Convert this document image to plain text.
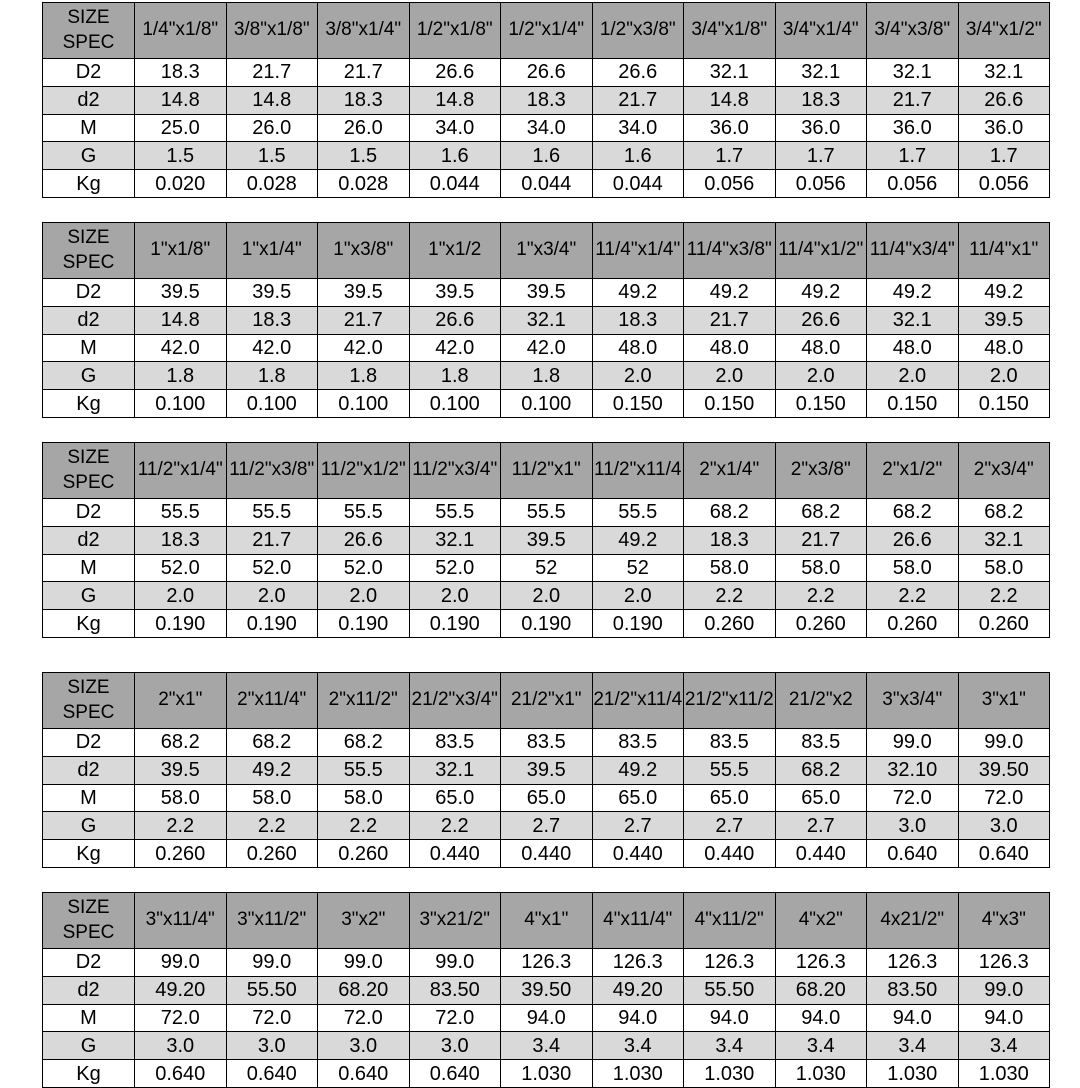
SIZE
SPEC	1/4"x1/8"	3/8"x1/8"	3/8"x1/4"	1/2"x1/8"	1/2"x1/4"	1/2"x3/8"	3/4"x1/8"	3/4"x1/4"	3/4"x3/8"	3/4"x1/2"
D2	18.3	21.7	21.7	26.6	26.6	26.6	32.1	32.1	32.1	32.1
d2	14.8	14.8	18.3	14.8	18.3	21.7	14.8	18.3	21.7	26.6
M	25.0	26.0	26.0	34.0	34.0	34.0	36.0	36.0	36.0	36.0
G	1.5	1.5	1.5	1.6	1.6	1.6	1.7	1.7	1.7	1.7
Kg	0.020	0.028	0.028	0.044	0.044	0.044	0.056	0.056	0.056	0.056
SIZE
SPEC	1"x1/8"	1"x1/4"	1"x3/8"	1"x1/2	1"x3/4"	11/4"x1/4"	11/4"x3/8"	11/4"x1/2"	11/4"x3/4"	11/4"x1"
D2	39.5	39.5	39.5	39.5	39.5	49.2	49.2	49.2	49.2	49.2
d2	14.8	18.3	21.7	26.6	32.1	18.3	21.7	26.6	32.1	39.5
M	42.0	42.0	42.0	42.0	42.0	48.0	48.0	48.0	48.0	48.0
G	1.8	1.8	1.8	1.8	1.8	2.0	2.0	2.0	2.0	2.0
Kg	0.100	0.100	0.100	0.100	0.100	0.150	0.150	0.150	0.150	0.150
SIZE
SPEC	11/2"x1/4"	11/2"x3/8"	11/2"x1/2"	11/2"x3/4"	11/2"x1"	11/2"x11/4	2"x1/4"	2"x3/8"	2"x1/2"	2"x3/4"
D2	55.5	55.5	55.5	55.5	55.5	55.5	68.2	68.2	68.2	68.2
d2	18.3	21.7	26.6	32.1	39.5	49.2	18.3	21.7	26.6	32.1
M	52.0	52.0	52.0	52.0	52	52	58.0	58.0	58.0	58.0
G	2.0	2.0	2.0	2.0	2.0	2.0	2.2	2.2	2.2	2.2
Kg	0.190	0.190	0.190	0.190	0.190	0.190	0.260	0.260	0.260	0.260
SIZE
SPEC	2"x1"	2"x11/4"	2"x11/2"	21/2"x3/4"	21/2"x1"	21/2"x11/4	21/2"x11/2	21/2"x2	3"x3/4"	3"x1"
D2	68.2	68.2	68.2	83.5	83.5	83.5	83.5	83.5	99.0	99.0
d2	39.5	49.2	55.5	32.1	39.5	49.2	55.5	68.2	32.10	39.50
M	58.0	58.0	58.0	65.0	65.0	65.0	65.0	65.0	72.0	72.0
G	2.2	2.2	2.2	2.2	2.7	2.7	2.7	2.7	3.0	3.0
Kg	0.260	0.260	0.260	0.440	0.440	0.440	0.440	0.440	0.640	0.640
SIZE
SPEC	3"x11/4"	3"x11/2"	3"x2"	3"x21/2"	4"x1"	4"x11/4"	4"x11/2"	4"x2"	4x21/2"	4"x3"
D2	99.0	99.0	99.0	99.0	126.3	126.3	126.3	126.3	126.3	126.3
d2	49.20	55.50	68.20	83.50	39.50	49.20	55.50	68.20	83.50	99.0
M	72.0	72.0	72.0	72.0	94.0	94.0	94.0	94.0	94.0	94.0
G	3.0	3.0	3.0	3.0	3.4	3.4	3.4	3.4	3.4	3.4
Kg	0.640	0.640	0.640	0.640	1.030	1.030	1.030	1.030	1.030	1.030
